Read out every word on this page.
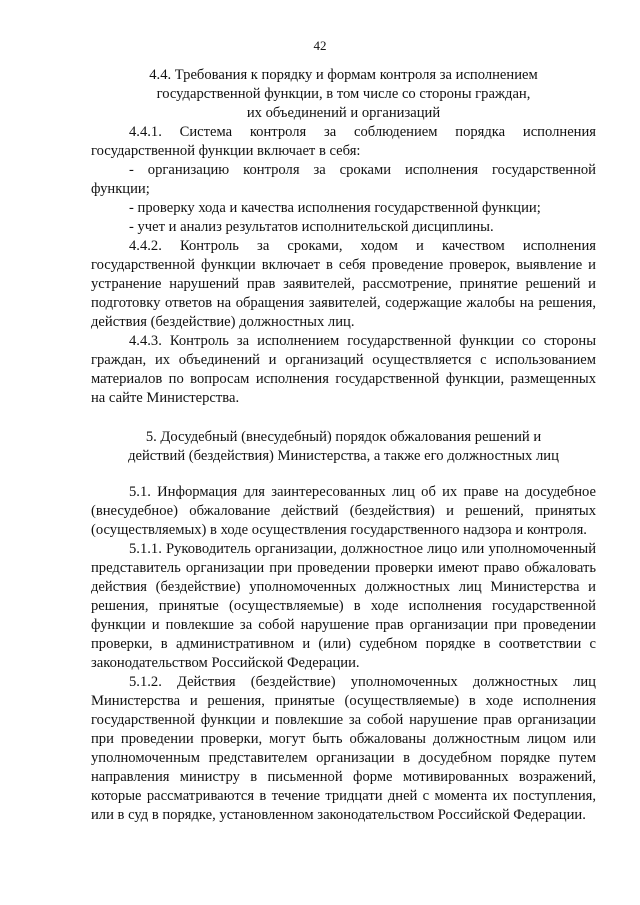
42
4.4. Требования к порядку и формам контроля за исполнением
государственной функции, в том числе со стороны граждан,
их объединений и организаций

4.4.1. Система контроля за соблюдением порядка исполнения государственной функции включает в себя:

- организацию контроля за сроками исполнения государственной функции;

- проверку хода и качества исполнения государственной функции;

- учет и анализ результатов исполнительской дисциплины.

4.4.2. Контроль за сроками, ходом и качеством исполнения государственной функции включает в себя проведение проверок, выявление и устранение нарушений прав заявителей, рассмотрение, принятие решений и подготовку ответов на обращения заявителей, содержащие жалобы на решения, действия (бездействие) должностных лиц.

4.4.3. Контроль за исполнением государственной функции со стороны граждан, их объединений и организаций осуществляется с использованием материалов по вопросам исполнения государственной функции, размещенных на сайте Министерства.

5. Досудебный (внесудебный) порядок обжалования решений и
действий (бездействия) Министерства, а также его должностных лиц

5.1. Информация для заинтересованных лиц об их праве на досудебное (внесудебное) обжалование действий (бездействия) и решений, принятых (осуществляемых) в ходе осуществления государственного надзора и контроля.

5.1.1. Руководитель организации, должностное лицо или уполномоченный представитель организации при проведении проверки имеют право обжаловать действия (бездействие) уполномоченных должностных лиц Министерства и решения, принятые (осуществляемые) в ходе исполнения государственной функции и повлекшие за собой нарушение прав организации при проведении проверки, в административном и (или) судебном порядке в соответствии с законодательством Российской Федерации.

5.1.2. Действия (бездействие) уполномоченных должностных лиц Министерства и решения, принятые (осуществляемые) в ходе исполнения государственной функции и повлекшие за собой нарушение прав организации при проведении проверки, могут быть обжалованы должностным лицом или уполномоченным представителем организации в досудебном порядке путем направления министру в письменной форме мотивированных возражений, которые рассматриваются в течение тридцати дней с момента их поступления, или в суд в порядке, установленном законодательством Российской Федерации.
